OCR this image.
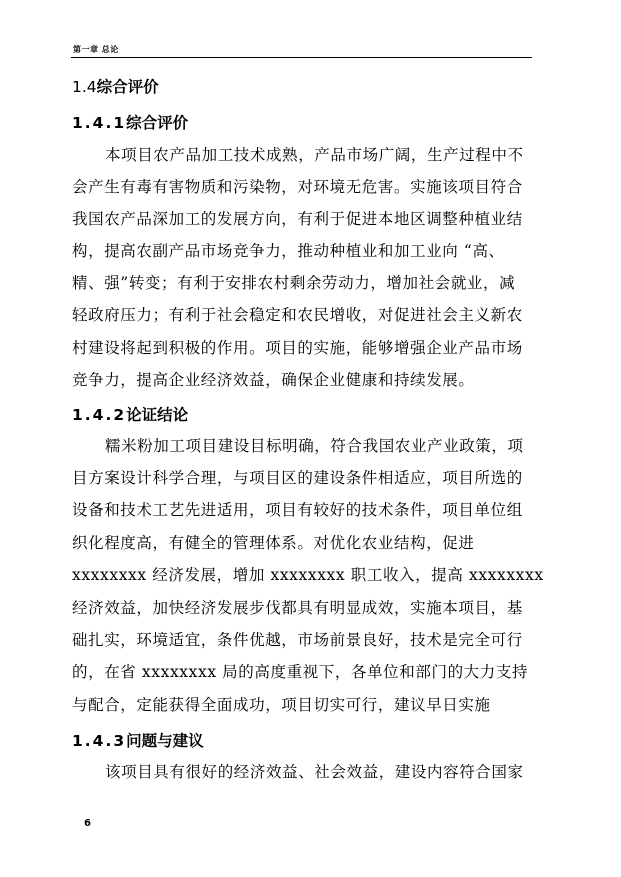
第一章 总论
1.4综合评价
1.4.1综合评价
本项目农产品加工技术成熟，产品市场广阔，生产过程中不
会产生有毒有害物质和污染物，对环境无危害。实施该项目符合
我国农产品深加工的发展方向，有利于促进本地区调整种植业结
构，提高农副产品市场竞争力，推动种植业和加工业向 “高、
精、强”转变；有利于安排农村剩余劳动力，增加社会就业，减
轻政府压力；有利于社会稳定和农民增收，对促进社会主义新农
村建设将起到积极的作用。项目的实施，能够增强企业产品市场
竞争力，提高企业经济效益，确保企业健康和持续发展。
1.4.2论证结论
糯米粉加工项目建设目标明确，符合我国农业产业政策，项
目方案设计科学合理，与项目区的建设条件相适应，项目所选的
设备和技术工艺先进适用，项目有较好的技术条件，项目单位组
织化程度高，有健全的管理体系。对优化农业结构，促进
xxxxxxxx 经济发展，增加 xxxxxxxx 职工收入，提高 xxxxxxxx
经济效益，加快经济发展步伐都具有明显成效，实施本项目，基
础扎实，环境适宜，条件优越，市场前景良好，技术是完全可行
的，在省 xxxxxxxx 局的高度重视下，各单位和部门的大力支持
与配合，定能获得全面成功，项目切实可行，建议早日实施
1.4.3问题与建议
该项目具有很好的经济效益、社会效益，建设内容符合国家
6
